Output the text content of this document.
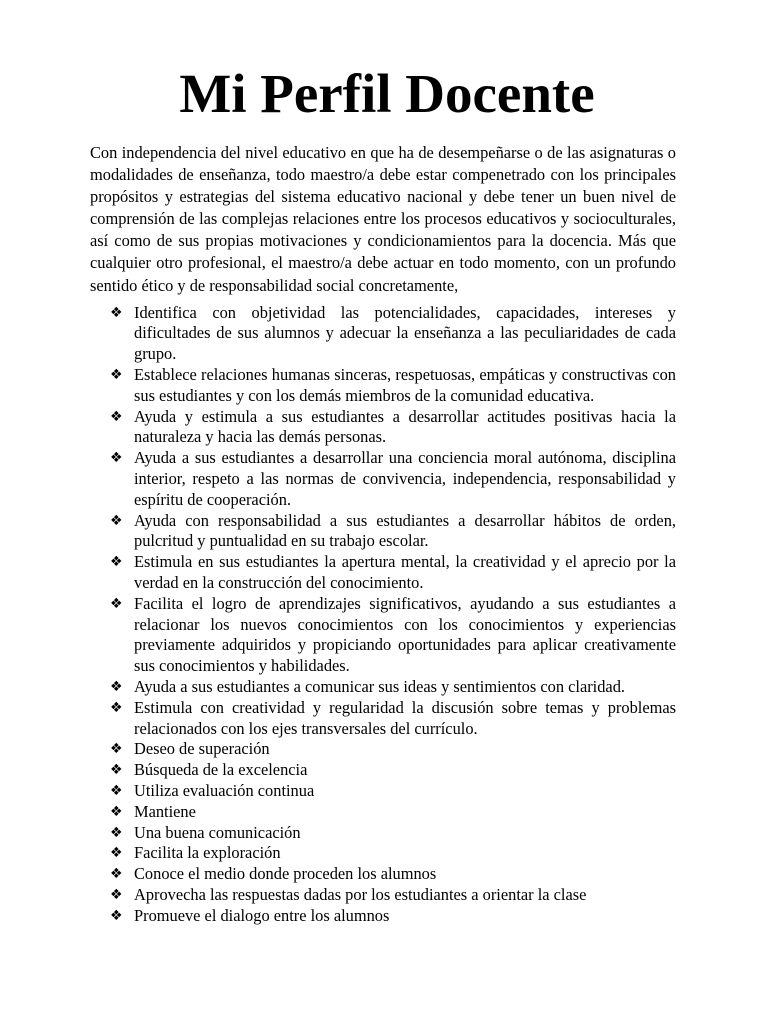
Mi Perfil Docente

Con independencia del nivel educativo en que ha de desempeñarse o de las asignaturas o modalidades de enseñanza, todo maestro/a debe estar compenetrado con los principales propósitos y estrategias del sistema educativo nacional y debe tener un buen nivel de comprensión de las complejas relaciones entre los procesos educativos y socioculturales, así como de sus propias motivaciones y condicionamientos para la docencia. Más que cualquier otro profesional, el maestro/a debe actuar en todo momento, con un profundo sentido ético y de responsabilidad social concretamente,

❖ Identifica con objetividad las potencialidades, capacidades, intereses y dificultades de sus alumnos y adecuar la enseñanza a las peculiaridades de cada grupo.
❖ Establece relaciones humanas sinceras, respetuosas, empáticas y constructivas con sus estudiantes y con los demás miembros de la comunidad educativa.
❖ Ayuda y estimula a sus estudiantes a desarrollar actitudes positivas hacia la naturaleza y hacia las demás personas.
❖ Ayuda a sus estudiantes a desarrollar una conciencia moral autónoma, disciplina interior, respeto a las normas de convivencia, independencia, responsabilidad y espíritu de cooperación.
❖ Ayuda con responsabilidad a sus estudiantes a desarrollar hábitos de orden, pulcritud y puntualidad en su trabajo escolar.
❖ Estimula en sus estudiantes la apertura mental, la creatividad y el aprecio por la verdad en la construcción del conocimiento.
❖ Facilita el logro de aprendizajes significativos, ayudando a sus estudiantes a relacionar los nuevos conocimientos con los conocimientos y experiencias previamente adquiridos y propiciando oportunidades para aplicar creativamente sus conocimientos y habilidades.
❖ Ayuda a sus estudiantes a comunicar sus ideas y sentimientos con claridad.
❖ Estimula con creatividad y regularidad la discusión sobre temas y problemas relacionados con los ejes transversales del currículo.
❖ Deseo de superación
❖ Búsqueda de la excelencia
❖ Utiliza evaluación continua
❖ Mantiene
❖ Una buena comunicación
❖ Facilita la exploración
❖ Conoce el medio donde proceden los alumnos
❖ Aprovecha las respuestas dadas por los estudiantes a orientar la clase
❖ Promueve el dialogo entre los alumnos
